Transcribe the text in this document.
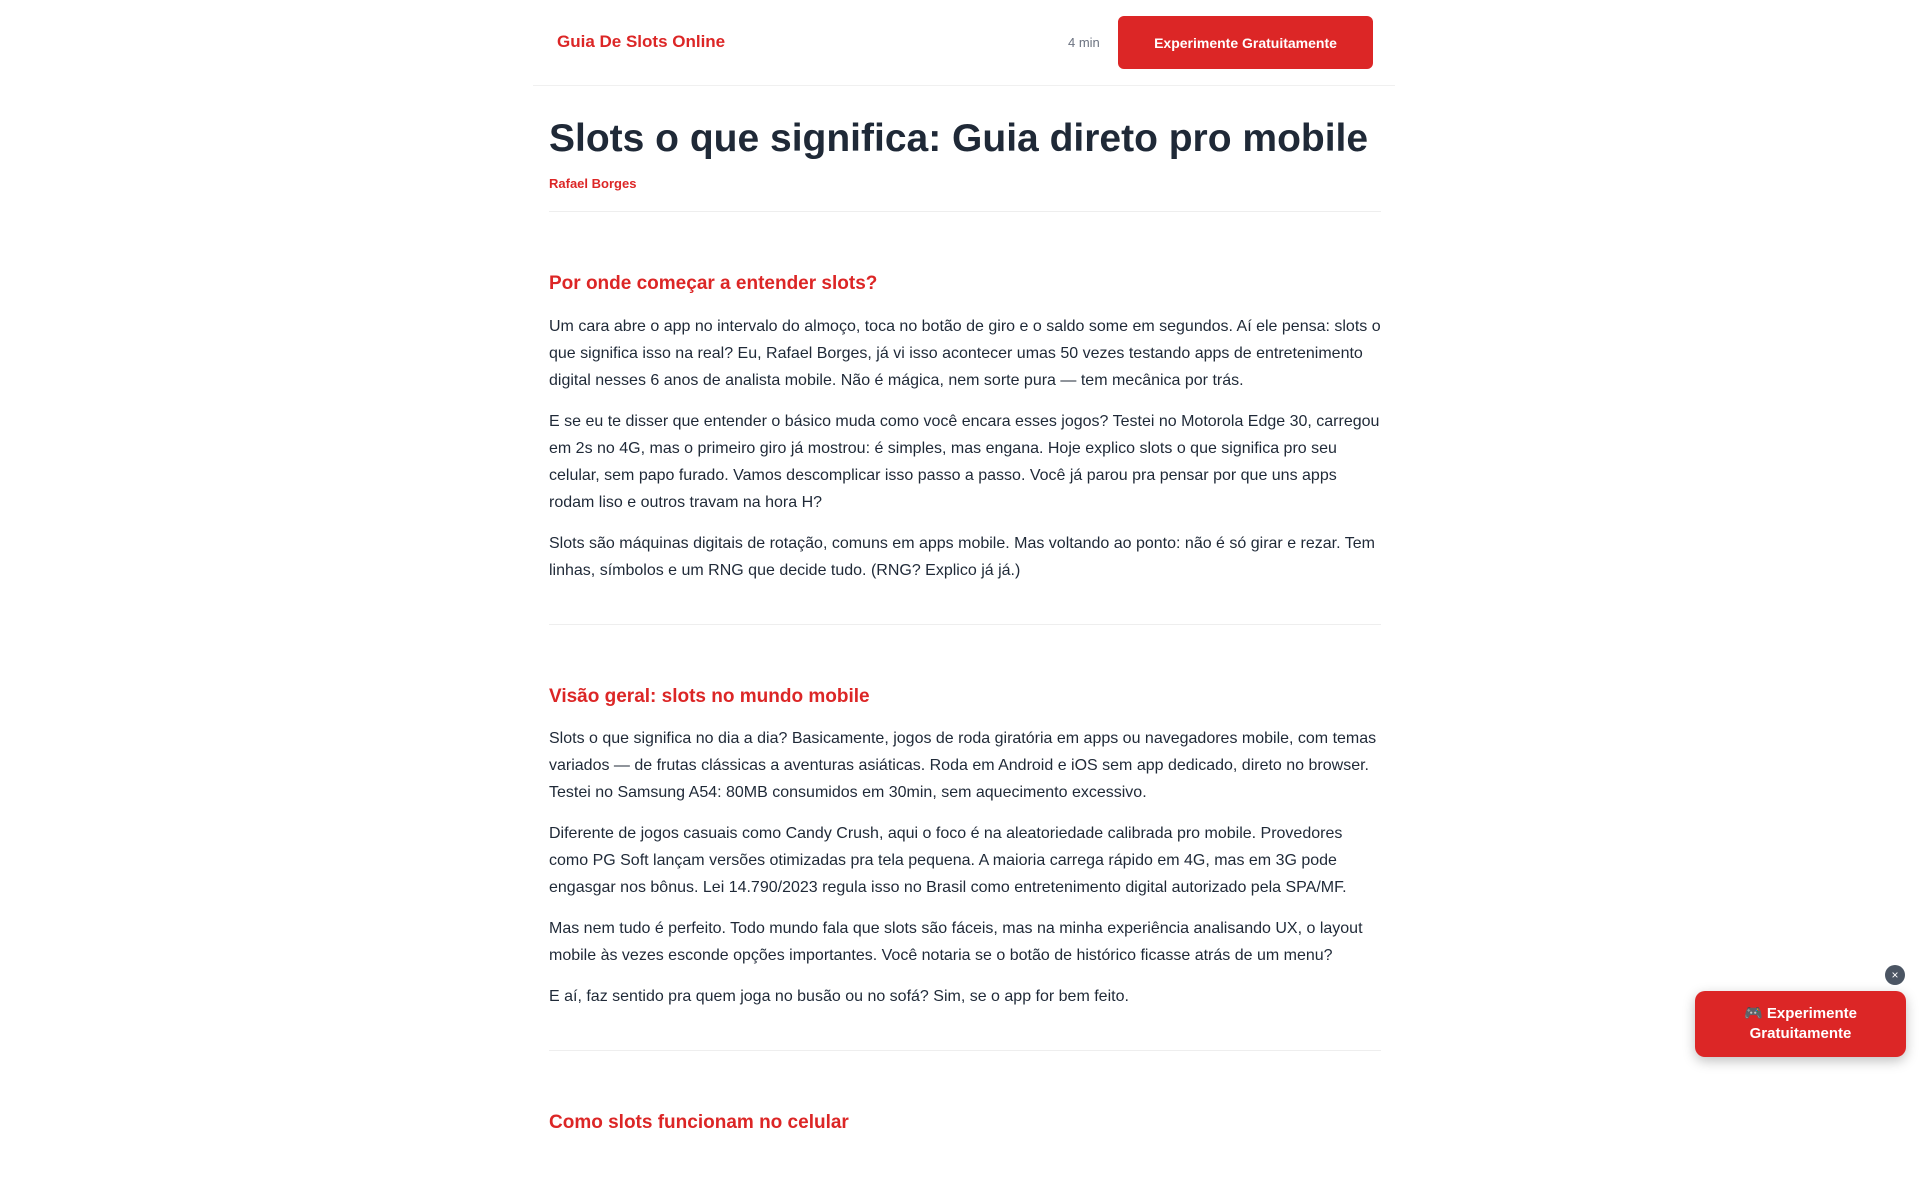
Guia De Slots Online	4 min	Experimente Gratuitamente
Slots o que significa: Guia direto pro mobile
Rafael Borges
Por onde começar a entender slots?

Um cara abre o app no intervalo do almoço, toca no botão de giro e o saldo some em segundos. Aí ele pensa: slots o que significa isso na real? Eu, Rafael Borges, já vi isso acontecer umas 50 vezes testando apps de entretenimento digital nesses 6 anos de analista mobile. Não é mágica, nem sorte pura — tem mecânica por trás.

E se eu te disser que entender o básico muda como você encara esses jogos? Testei no Motorola Edge 30, carregou em 2s no 4G, mas o primeiro giro já mostrou: é simples, mas engana. Hoje explico slots o que significa pro seu celular, sem papo furado. Vamos descomplicar isso passo a passo. Você já parou pra pensar por que uns apps rodam liso e outros travam na hora H?

Slots são máquinas digitais de rotação, comuns em apps mobile. Mas voltando ao ponto: não é só girar e rezar. Tem linhas, símbolos e um RNG que decide tudo. (RNG? Explico já já.)

Visão geral: slots no mundo mobile

Slots o que significa no dia a dia? Basicamente, jogos de roda giratória em apps ou navegadores mobile, com temas variados — de frutas clássicas a aventuras asiáticas. Roda em Android e iOS sem app dedicado, direto no browser. Testei no Samsung A54: 80MB consumidos em 30min, sem aquecimento excessivo.

Diferente de jogos casuais como Candy Crush, aqui o foco é na aleatoriedade calibrada pro mobile. Provedores como PG Soft lançam versões otimizadas pra tela pequena. A maioria carrega rápido em 4G, mas em 3G pode engasgar nos bônus. Lei 14.790/2023 regula isso no Brasil como entretenimento digital autorizado pela SPA/MF.

Mas nem tudo é perfeito. Todo mundo fala que slots são fáceis, mas na minha experiência analisando UX, o layout mobile às vezes esconde opções importantes. Você notaria se o botão de histórico ficasse atrás de um menu?

E aí, faz sentido pra quem joga no busão ou no sofá? Sim, se o app for bem feito.

Como slots funcionam no celular
🎮 Experimente Gratuitamente
×
